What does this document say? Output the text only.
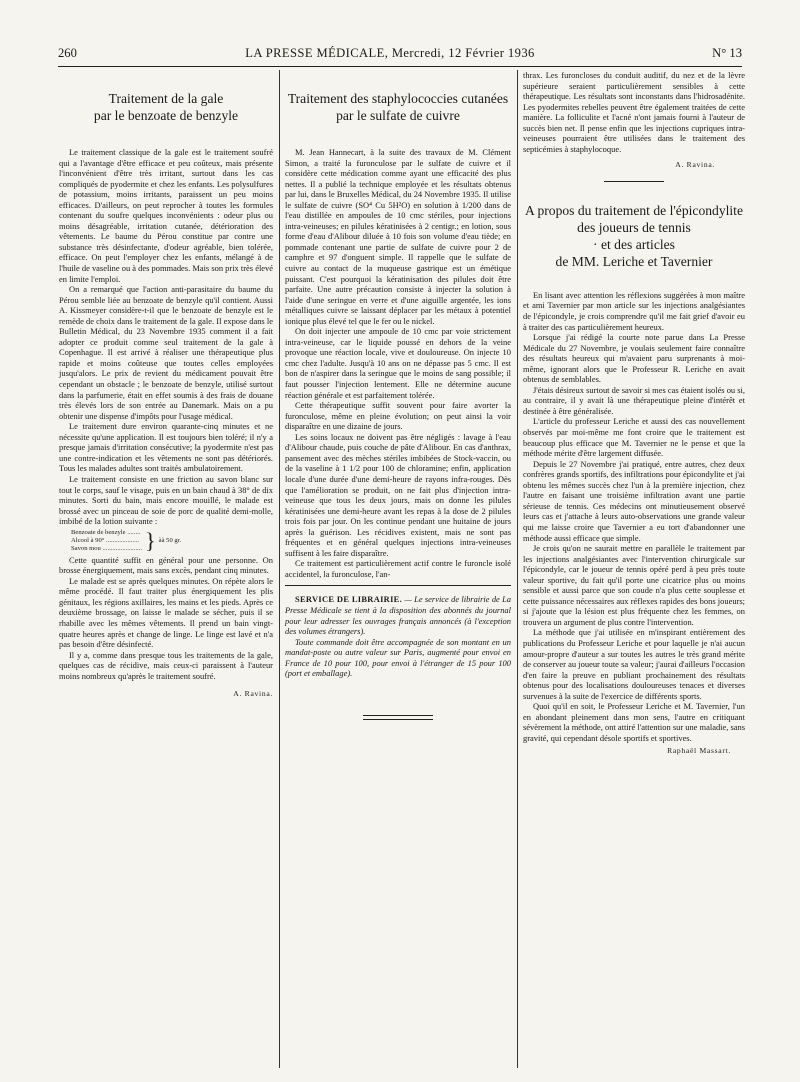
260	LA PRESSE MÉDICALE, Mercredi, 12 Février 1936	N° 13
Traitement de la gale
par le benzoate de benzyle

Le traitement classique de la gale est le traitement soufré qui a l'avantage d'être efficace et peu coûteux, mais présente l'inconvénient d'être très irritant, surtout dans les cas compliqués de pyodermite et chez les enfants. Les polysulfures de potassium, moins irritants, paraissent un peu moins efficaces. D'ailleurs, on peut reprocher à toutes les formules contenant du soufre quelques inconvénients : odeur plus ou moins désagréable, irritation cutanée, détérioration des vêtements. Le baume du Pérou constitue par contre une substance très désinfectante, d'odeur agréable, bien tolérée, efficace. On peut l'employer chez les enfants, mélangé à de l'huile de vaseline ou à des pommades. Mais son prix très élevé en limite l'emploi.

On a remarqué que l'action anti-parasitaire du baume du Pérou semble liée au benzoate de benzyle qu'il contient. Aussi A. Kissmeyer considère-t-il que le benzoate de benzyle est le remède de choix dans le traitement de la gale. Il expose dans le Bulletin Médical, du 23 Novembre 1935 comment il a fait adopter ce produit comme seul traitement de la gale à Copenhague. Il est arrivé à réaliser une thérapeutique plus rapide et moins coûteuse que toutes celles employées jusqu'alors. Le prix de revient du médicament pouvait être cependant un obstacle ; le benzoate de benzyle, utilisé surtout dans la parfumerie, était en effet soumis à des frais de douane très élevés lors de son entrée au Danemark. Mais on a pu obtenir une dispense d'impôts pour l'usage médical.

Le traitement dure environ quarante-cinq minutes et ne nécessite qu'une application. Il est toujours bien toléré; il n'y a presque jamais d'irritation consécutive; la pyodermite n'est pas une contre-indication et les vêtements ne sont pas détériorés. Tous les malades adultes sont traités ambulatoirement.

Le traitement consiste en une friction au savon blanc sur tout le corps, sauf le visage, puis en un bain chaud à 38° de dix minutes. Sorti du bain, mais encore mouillé, le malade est brossé avec un pinceau de soie de porc de qualité demi-molle, imbibé de la lotion suivante :

Benzoate de benzyle ........
Alcool à 90° ....................
Savon mou ........................ } àà 50 gr.

Cette quantité suffit en général pour une personne. On brosse énergiquement, mais sans excès, pendant cinq minutes.

Le malade est se après quelques minutes. On répète alors le même procédé. Il faut traiter plus énergiquement les plis génitaux, les régions axillaires, les mains et les pieds. Après ce deuxième brossage, on laisse le malade se sécher, puis il se rhabille avec les mêmes vêtements. Il prend un bain vingt-quatre heures après et change de linge. Le linge est lavé et n'a pas besoin d'être désinfecté.

Il y a, comme dans presque tous les traitements de la gale, quelques cas de récidive, mais ceux-ci paraissent à l'auteur moins nombreux qu'après le traitement soufré.

A. Ravina.
Traitement des staphylococcies cutanées
par le sulfate de cuivre

M. Jean Hannecart, à la suite des travaux de M. Clément Simon, a traité la furonculose par le sulfate de cuivre et il considère cette médication comme ayant une efficacité des plus nettes. Il a publié la technique employée et les résultats obtenus par lui, dans le Bruxelles Médical, du 24 Novembre 1935. Il utilise le sulfate de cuivre (SO⁴ Cu 5H²O) en solution à 1/200 dans de l'eau distillée en ampoules de 10 cmc stériles, pour injections intra-veineuses; en pilules kératinisées à 2 centigr.; en lotion, sous forme d'eau d'Alibour diluée à 10 fois son volume d'eau tiède; en pommade contenant une partie de sulfate de cuivre pour 2 de camphre et 97 d'onguent simple. Il rappelle que le sulfate de cuivre au contact de la muqueuse gastrique est un émétique puissant. C'est pourquoi la kératinisation des pilules doit être parfaite. Une autre précaution consiste à injecter la solution à l'aide d'une seringue en verre et d'une aiguille argentée, les ions métalliques cuivre se laissant déplacer par les métaux à potentiel ionique plus élevé tel que le fer ou le nickel.

On doit injecter une ampoule de 10 cmc par voie strictement intra-veineuse, car le liquide poussé en dehors de la veine provoque une réaction locale, vive et douloureuse. On injecte 10 cmc chez l'adulte. Jusqu'à 10 ans on ne dépasse pas 5 cmc. Il est bon de n'aspirer dans la seringue que le moins de sang possible; il faut pousser l'injection lentement. Elle ne détermine aucune réaction générale et est parfaitement tolérée.

Cette thérapeutique suffit souvent pour faire avorter la furonculose, même en pleine évolution; on peut ainsi la voir disparaître en une dizaine de jours.

Les soins locaux ne doivent pas être négligés : lavage à l'eau d'Alibour chaude, puis couche de pâte d'Alibour. En cas d'anthrax, pansement avec des mèches stériles imbibées de Stock-vaccin, ou de la vaseline à 1 1/2 pour 100 de chloramine; enfin, application locale d'une durée d'une demi-heure de rayons infra-rouges. Dès que l'amélioration se produit, on ne fait plus d'injection intra-veineuse que tous les deux jours, mais on donne les pilules kératinisées une demi-heure avant les repas à la dose de 2 pilules trois fois par jour. On les continue pendant une huitaine de jours après la guérison. Les récidives existent, mais ne sont pas fréquentes et en général quelques injections intra-veineuses suffisent à les faire disparaître.

Ce traitement est particulièrement actif contre le furoncle isolé accidentel, la furonculose, l'an-

SERVICE DE LIBRAIRIE. — Le service de librairie de La Presse Médicale se tient à la disposition des abonnés du journal pour leur adresser les ouvrages français annoncés (à l'exception des volumes étrangers).

Toute commande doit être accompagnée de son montant en un mandat-poste ou autre valeur sur Paris, augmenté pour envoi en France de 10 pour 100, pour envoi à l'étranger de 15 pour 100 (port et emballage).

thrax. Les furoncloses du conduit auditif, du nez et de la lèvre supérieure seraient particulièrement sensibles à cette thérapeutique. Les résultats sont inconstants dans l'hidrosadénite. Les pyodermites rebelles peuvent être également traitées de cette manière. La folliculite et l'acné n'ont jamais fourni à l'auteur de succès bien net. Il pense enfin que les injections cupriques intra-veineuses pourraient être utilisées dans le traitement des septicémies à staphylocoque.

A. Ravina.
A propos du traitement de l'épicondylite
des joueurs de tennis
· et des articles
de MM. Leriche et Tavernier

En lisant avec attention les réflexions suggérées à mon maître et ami Tavernier par mon article sur les injections analgésiantes de l'épicondyle, je crois comprendre qu'il me fait grief d'avoir eu à traiter des cas particulièrement heureux.

Lorsque j'ai rédigé la courte note parue dans La Presse Médicale du 27 Novembre, je voulais seulement faire connaître des résultats heureux qui m'avaient paru surprenants à moi-même, ignorant alors que le Professeur R. Leriche en avait obtenus de semblables.

J'étais désireux surtout de savoir si mes cas étaient isolés ou si, au contraire, il y avait là une thérapeutique pleine d'intérêt et destinée à être généralisée.

L'article du professeur Leriche et aussi des cas nouvellement observés par moi-même me font croire que le traitement est beaucoup plus efficace que M. Tavernier ne le pense et que la méthode mérite d'être largement diffusée.

Depuis le 27 Novembre j'ai pratiqué, entre autres, chez deux confrères grands sportifs, des infiltrations pour épicondylite et j'ai obtenu les mêmes succès chez l'un à la première injection, chez l'autre en faisant une troisième infiltration avant une partie sérieuse de tennis. Ces médecins ont minutieusement observé leurs cas et j'attache à leurs auto-observations une grande valeur qui me laisse croire que Tavernier a eu tort d'abandonner une méthode aussi efficace que simple.

Je crois qu'on ne saurait mettre en parallèle le traitement par les injections analgésiantes avec l'intervention chirurgicale sur l'épicondyle, car le joueur de tennis opéré perd à peu près toute valeur sportive, du fait qu'il porte une cicatrice plus ou moins sensible et aussi parce que son coude n'a plus cette souplesse et cette puissance nécessaires aux réflexes rapides des bons joueurs; si j'ajoute que la lésion est plus fréquente chez les femmes, on trouvera un argument de plus contre l'intervention.

La méthode que j'ai utilisée en m'inspirant entièrement des publications du Professeur Leriche et pour laquelle je n'ai aucun amour-propre d'auteur a sur toutes les autres le très grand mérite de conserver au joueur toute sa valeur; j'aurai d'ailleurs l'occasion d'en faire la preuve en publiant prochainement des résultats obtenus pour des localisations douloureuses tenaces et diverses survenues à la suite de l'exercice de différents sports.

Quoi qu'il en soit, le Professeur Leriche et M. Tavernier, l'un en abondant pleinement dans mon sens, l'autre en critiquant sévèrement la méthode, ont attiré l'attention sur une maladie, sans gravité, qui cependant désole sportifs et sportives.

Raphaël Massart.
